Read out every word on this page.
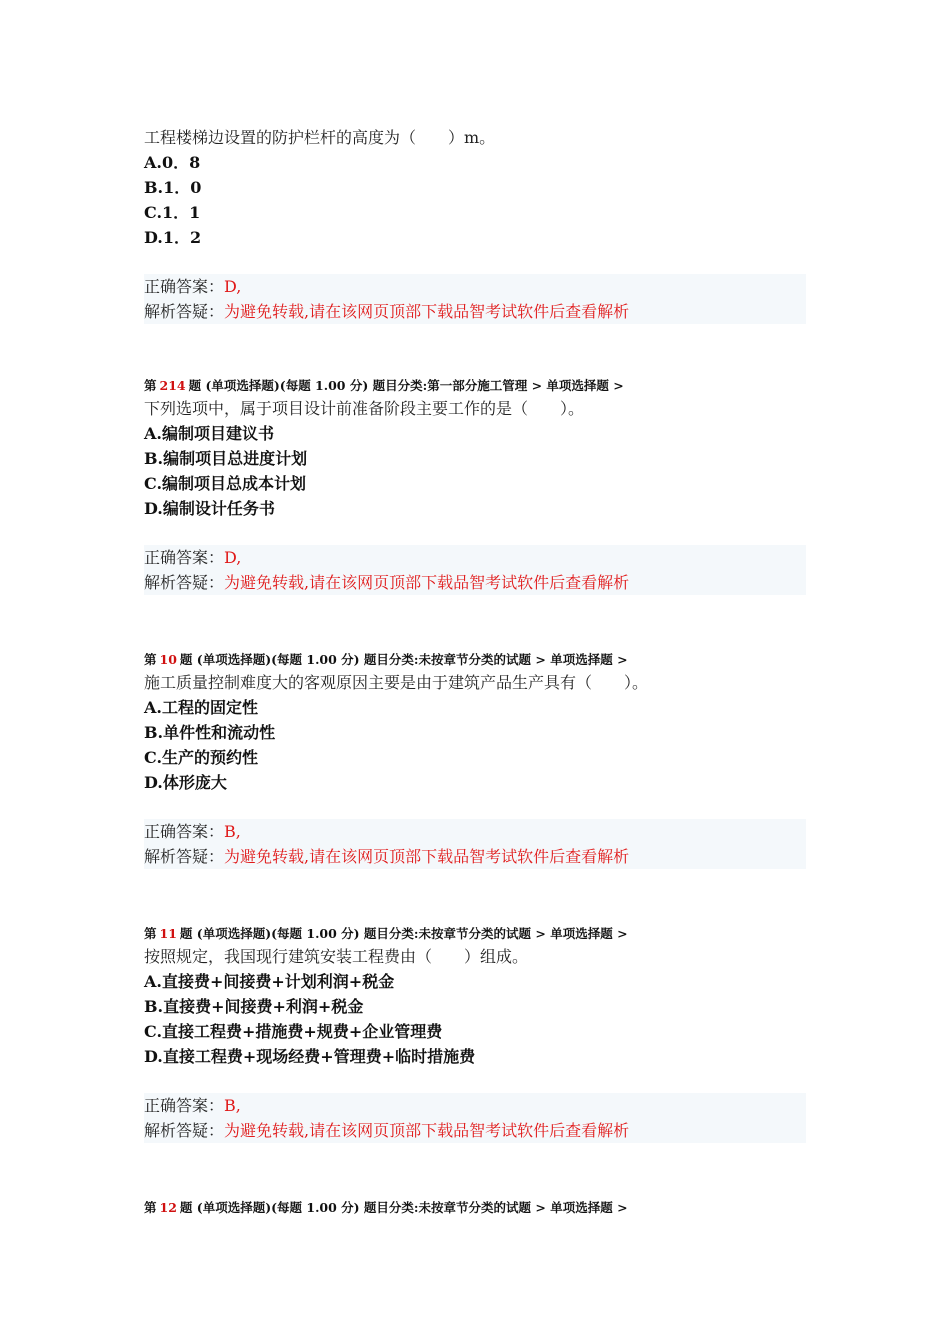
工程楼梯边设置的防护栏杆的高度为（　　）m。
A.0．8
B.1．0
C.1．1
D.1．2
正确答案：D,
解析答疑：为避免转载,请在该网页顶部下载品智考试软件后查看解析
第 214 题 (单项选择题)(每题 1.00 分) 题目分类:第一部分施工管理 > 单项选择题 >
下列选项中，属于项目设计前准备阶段主要工作的是（　　）。
A.编制项目建议书
B.编制项目总进度计划
C.编制项目总成本计划
D.编制设计任务书
正确答案：D,
解析答疑：为避免转载,请在该网页顶部下载品智考试软件后查看解析
第 10 题 (单项选择题)(每题 1.00 分) 题目分类:未按章节分类的试题 > 单项选择题 >
施工质量控制难度大的客观原因主要是由于建筑产品生产具有（　　）。
A.工程的固定性
B.单件性和流动性
C.生产的预约性
D.体形庞大
正确答案：B,
解析答疑：为避免转载,请在该网页顶部下载品智考试软件后查看解析
第 11 题 (单项选择题)(每题 1.00 分) 题目分类:未按章节分类的试题 > 单项选择题 >
按照规定，我国现行建筑安装工程费由（　　）组成。
A.直接费+间接费+计划利润+税金
B.直接费+间接费+利润+税金
C.直接工程费+措施费+规费+企业管理费
D.直接工程费+现场经费+管理费+临时措施费
正确答案：B,
解析答疑：为避免转载,请在该网页顶部下载品智考试软件后查看解析
第 12 题 (单项选择题)(每题 1.00 分) 题目分类:未按章节分类的试题 > 单项选择题 >
